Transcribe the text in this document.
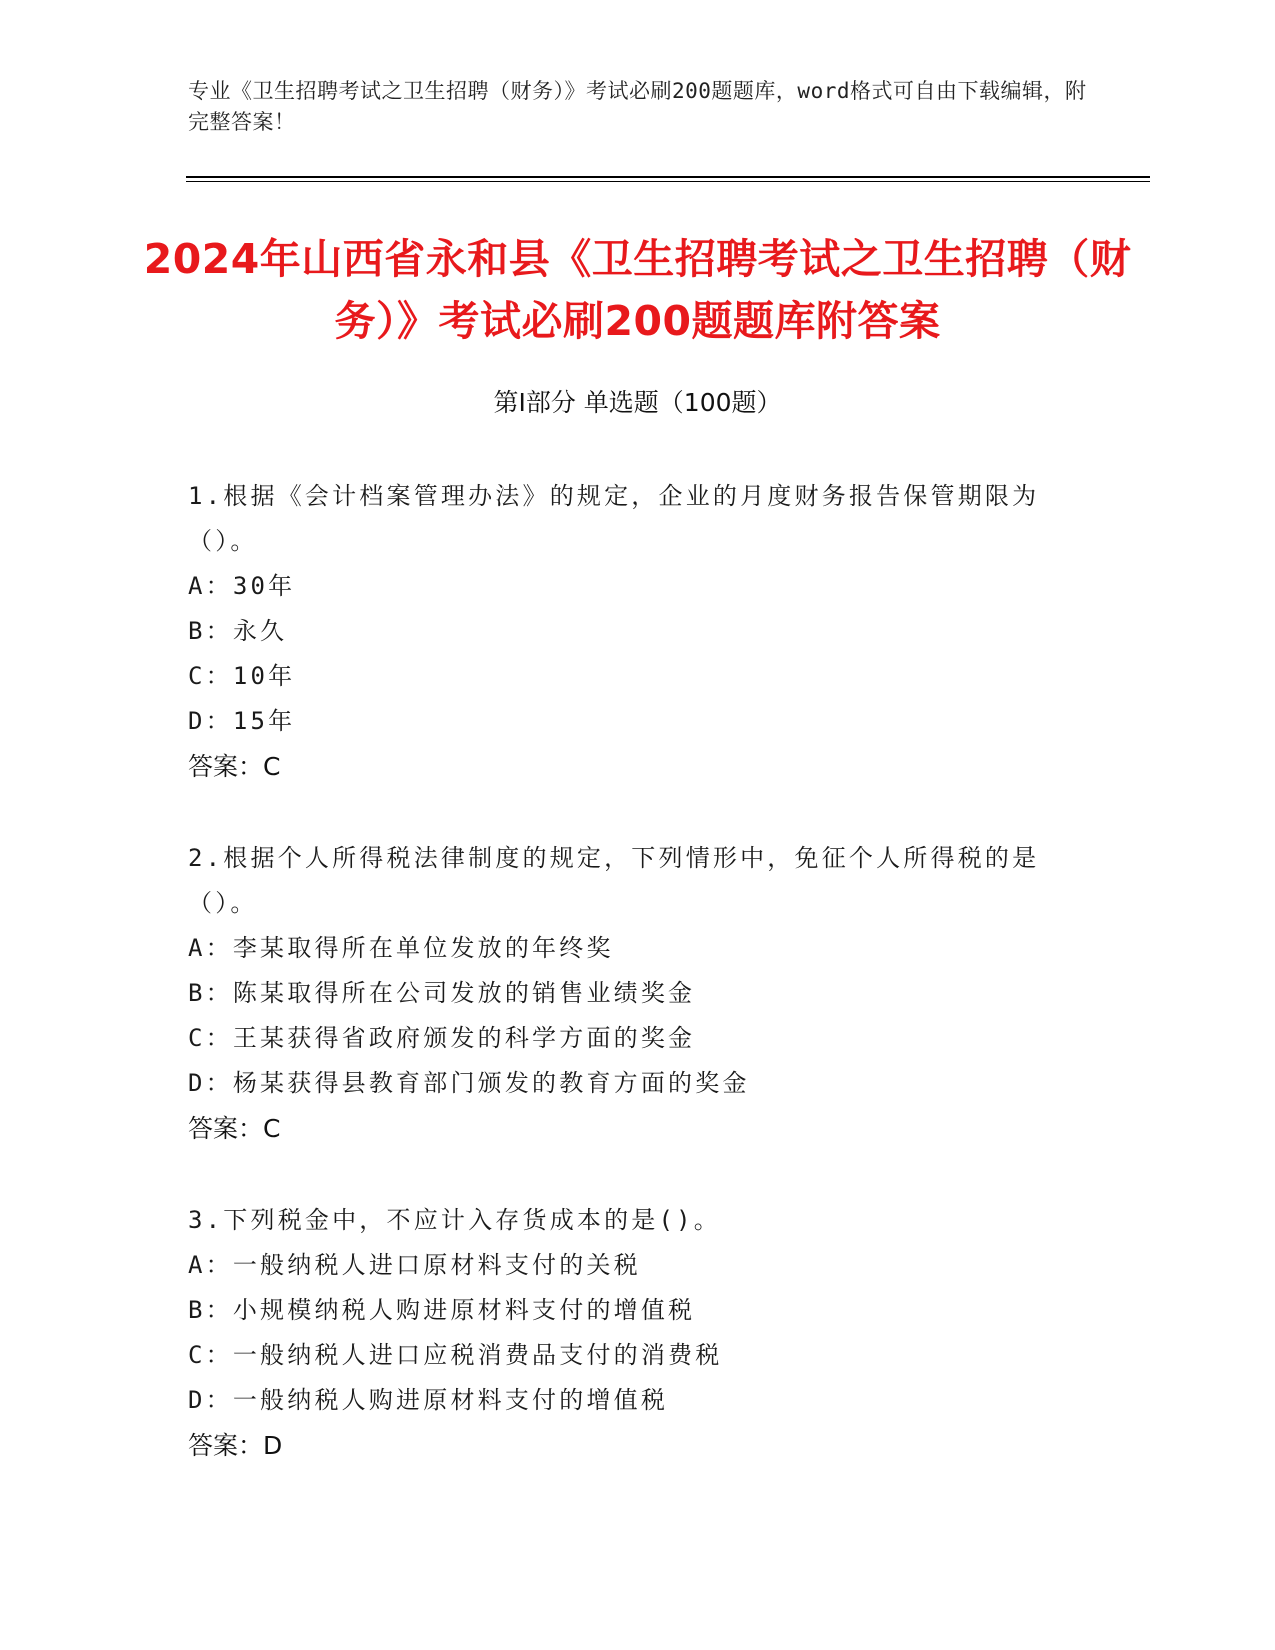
专业《卫生招聘考试之卫生招聘（财务）》考试必刷200题题库，word格式可自由下载编辑，附完整答案！
2024年山西省永和县《卫生招聘考试之卫生招聘（财务）》考试必刷200题题库附答案
第I部分 单选题（100题）
1.根据《会计档案管理办法》的规定，企业的月度财务报告保管期限为（）。
A：30年
B：永久
C：10年
D：15年
答案：C
2.根据个人所得税法律制度的规定，下列情形中，免征个人所得税的是（）。
A：李某取得所在单位发放的年终奖
B：陈某取得所在公司发放的销售业绩奖金
C：王某获得省政府颁发的科学方面的奖金
D：杨某获得县教育部门颁发的教育方面的奖金
答案：C
3.下列税金中，不应计入存货成本的是()。
A：一般纳税人进口原材料支付的关税
B：小规模纳税人购进原材料支付的增值税
C：一般纳税人进口应税消费品支付的消费税
D：一般纳税人购进原材料支付的增值税
答案：D
